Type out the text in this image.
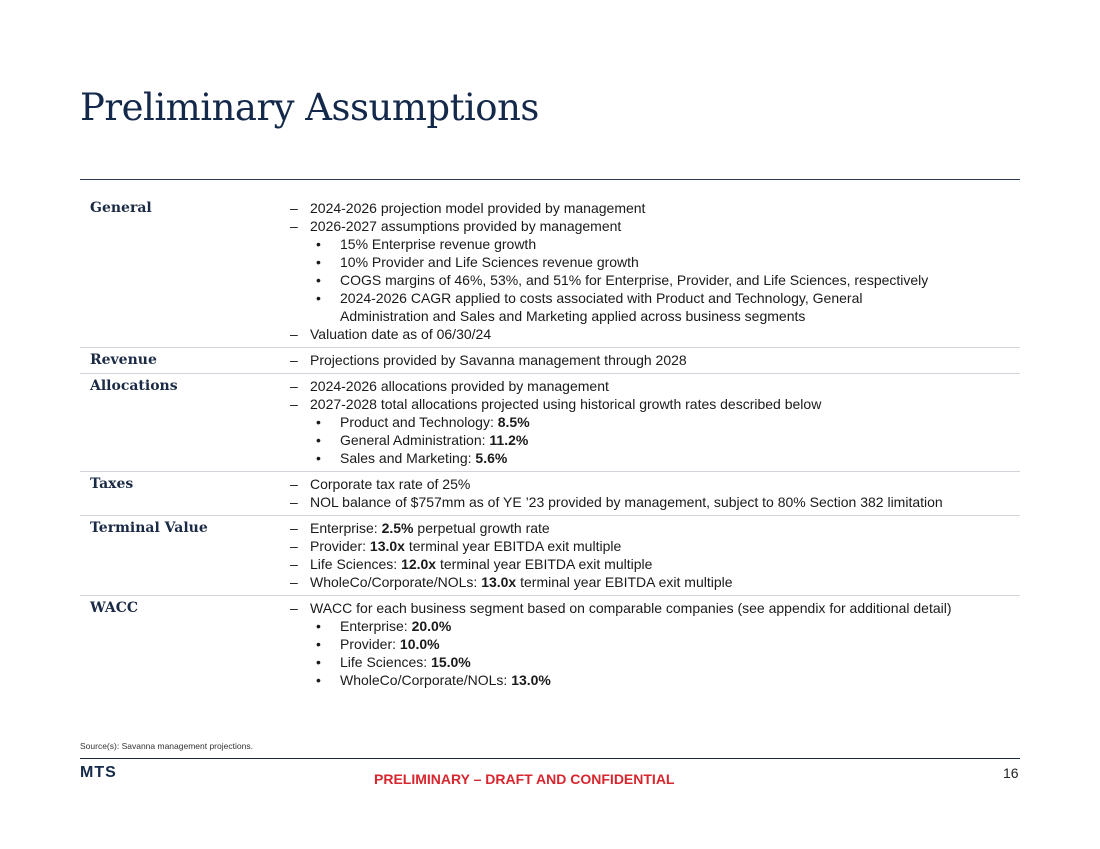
Preliminary Assumptions
General	– 2024-2026 projection model provided by management
– 2026-2027 assumptions provided by management
•	15% Enterprise revenue growth
•	10% Provider and Life Sciences revenue growth
•	COGS margins of 46%, 53%, and 51% for Enterprise, Provider, and Life Sciences, respectively
•	2024-2026 CAGR applied to costs associated with Product and Technology, General
Administration and Sales and Marketing applied across business segments
– Valuation date as of 06/30/24
Revenue	– Projections provided by Savanna management through 2028
Allocations	– 2024-2026 allocations provided by management
– 2027-2028 total allocations projected using historical growth rates described below
•	Product and Technology: 8.5%
•	General Administration: 11.2%
•	Sales and Marketing: 5.6%
Taxes	– Corporate tax rate of 25%
– NOL balance of $757mm as of YE ’23 provided by management, subject to 80% Section 382 limitation
Terminal Value	– Enterprise: 2.5% perpetual growth rate
– Provider: 13.0x terminal year EBITDA exit multiple
– Life Sciences: 12.0x terminal year EBITDA exit multiple
– WholeCo/Corporate/NOLs: 13.0x terminal year EBITDA exit multiple
WACC	– WACC for each business segment based on comparable companies (see appendix for additional detail)
•	Enterprise: 20.0%
•	Provider: 10.0%
•	Life Sciences: 15.0%
•	WholeCo/Corporate/NOLs: 13.0%
Source(s): Savanna management projections.
MTS	PRELIMINARY – DRAFT AND CONFIDENTIAL	16
